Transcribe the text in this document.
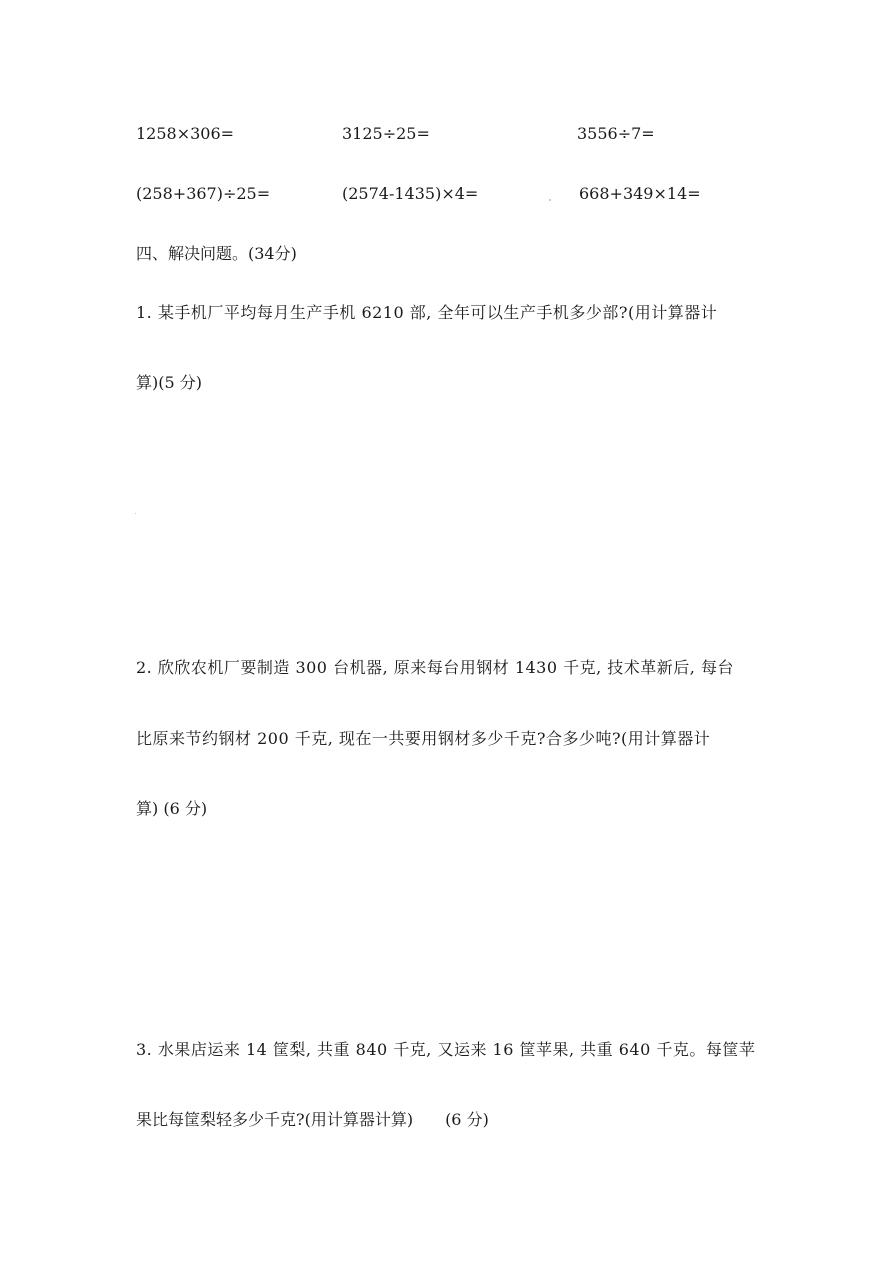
1258×306=	3125÷25=	3556÷7=
(258+367)÷25=	(2574-1435)×4=	668+349×14=
四、解决问题。(34分)
1. 某手机厂平均每月生产手机 6210 部, 全年可以生产手机多少部?(用计算器计
算)(5 分)
2. 欣欣农机厂要制造 300 台机器, 原来每台用钢材 1430 千克, 技术革新后, 每台
比原来节约钢材 200 千克, 现在一共要用钢材多少千克?合多少吨?(用计算器计
算) (6 分)
3. 水果店运来 14 筐梨, 共重 840 千克, 又运来 16 筐苹果, 共重 640 千克。每筐苹
果比每筐梨轻多少千克?(用计算器计算)　　(6 分)
